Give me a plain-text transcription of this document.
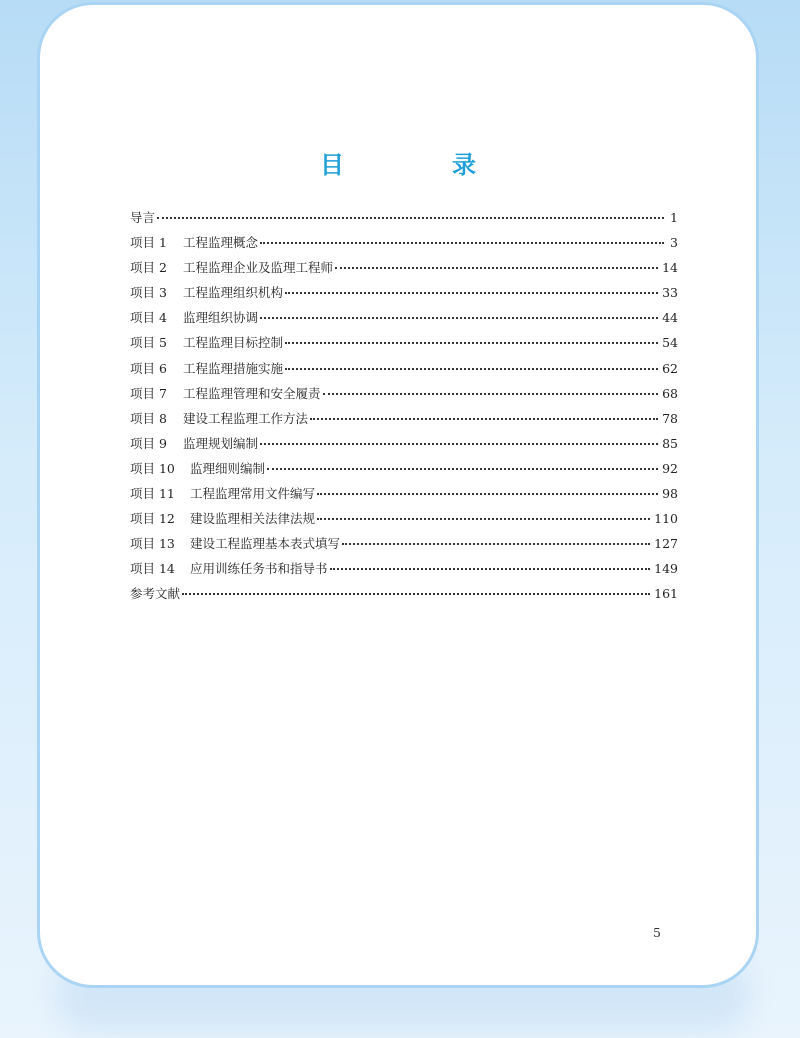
目　录
导言	1
项目 1	工程监理概念	3
项目 2	工程监理企业及监理工程师	14
项目 3	工程监理组织机构	33
项目 4	监理组织协调	44
项目 5	工程监理目标控制	54
项目 6	工程监理措施实施	62
项目 7	工程监理管理和安全履责	68
项目 8	建设工程监理工作方法	78
项目 9	监理规划编制	85
项目 10	监理细则编制	92
项目 11	工程监理常用文件编写	98
项目 12	建设监理相关法律法规	110
项目 13	建设工程监理基本表式填写	127
项目 14	应用训练任务书和指导书	149
参考文献	161
5
